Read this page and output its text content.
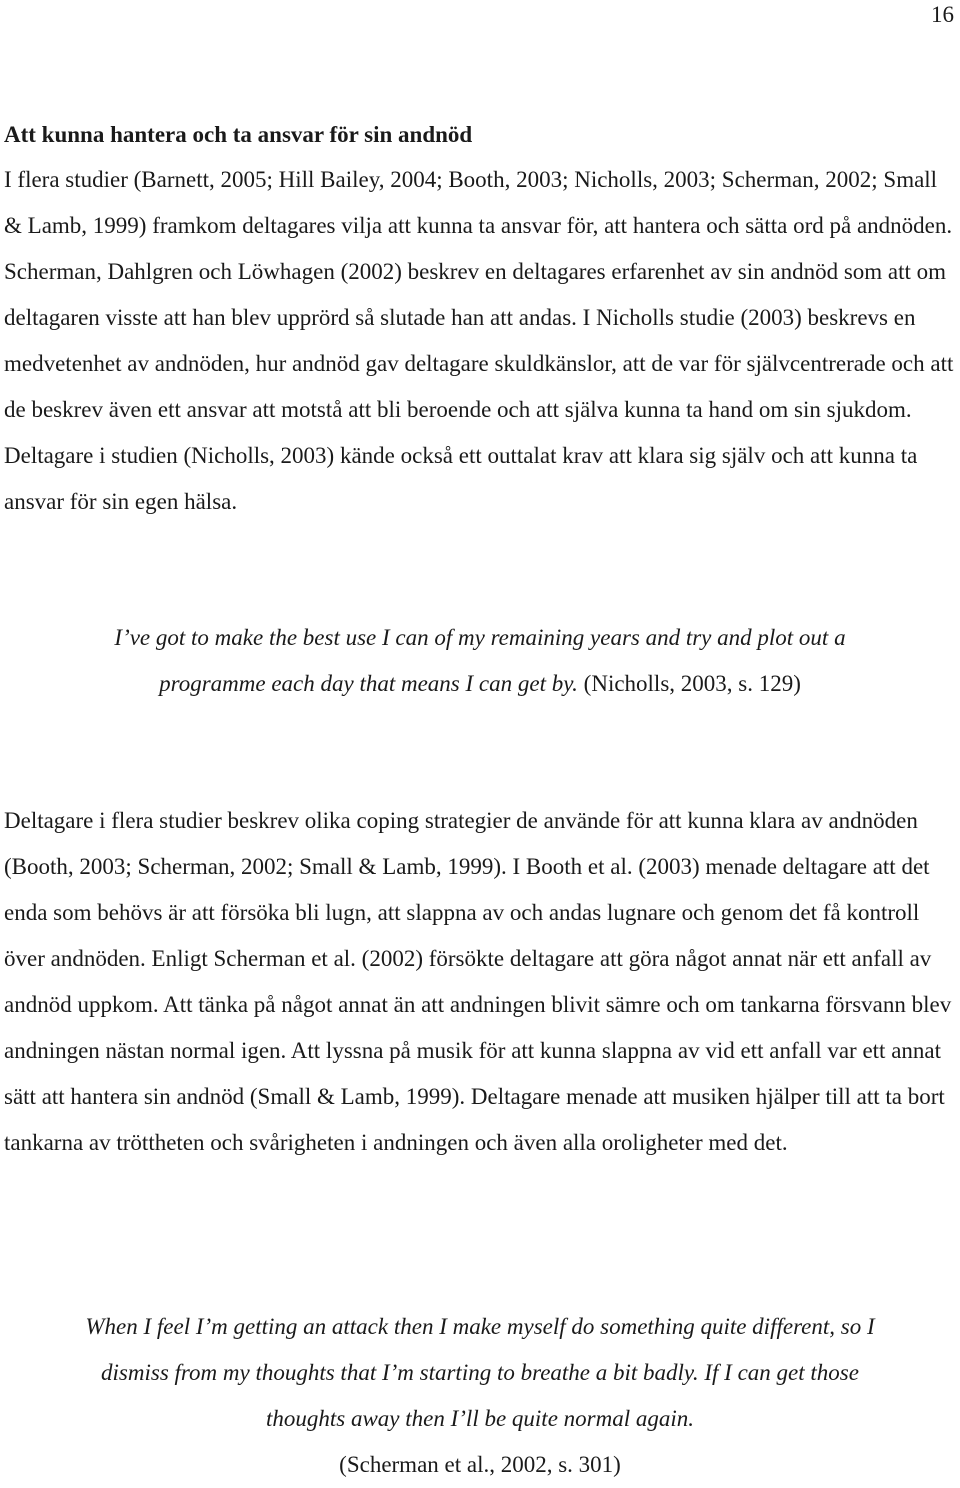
16
Att kunna hantera och ta ansvar för sin andnöd

I flera studier (Barnett, 2005; Hill Bailey, 2004; Booth, 2003; Nicholls, 2003; Scherman, 2002; Small & Lamb, 1999) framkom deltagares vilja att kunna ta ansvar för, att hantera och sätta ord på andnöden. Scherman, Dahlgren och Löwhagen (2002) beskrev en deltagares erfarenhet av sin andnöd som att om deltagaren visste att han blev upprörd så slutade han att andas. I Nicholls studie (2003) beskrevs en medvetenhet av andnöden, hur andnöd gav deltagare skuldkänslor, att de var för självcentrerade och att de beskrev även ett ansvar att motstå att bli beroende och att själva kunna ta hand om sin sjukdom. Deltagare i studien (Nicholls, 2003) kände också ett outtalat krav att klara sig själv och att kunna ta ansvar för sin egen hälsa.

I’ve got to make the best use I can of my remaining years and try and plot out a programme each day that means I can get by. (Nicholls, 2003, s. 129)

Deltagare i flera studier beskrev olika coping strategier de använde för att kunna klara av andnöden (Booth, 2003; Scherman, 2002; Small & Lamb, 1999). I Booth et al. (2003) menade deltagare att det enda som behövs är att försöka bli lugn, att slappna av och andas lugnare och genom det få kontroll över andnöden. Enligt Scherman et al. (2002) försökte deltagare att göra något annat när ett anfall av andnöd uppkom. Att tänka på något annat än att andningen blivit sämre och om tankarna försvann blev andningen nästan normal igen. Att lyssna på musik för att kunna slappna av vid ett anfall var ett annat sätt att hantera sin andnöd (Small & Lamb, 1999). Deltagare menade att musiken hjälper till att ta bort tankarna av tröttheten och svårigheten i andningen och även alla oroligheter med det.

When I feel I’m getting an attack then I make myself do something quite different, so I dismiss from my thoughts that I’m starting to breathe a bit badly. If I can get those thoughts away then I’ll be quite normal again.
(Scherman et al., 2002, s. 301)
